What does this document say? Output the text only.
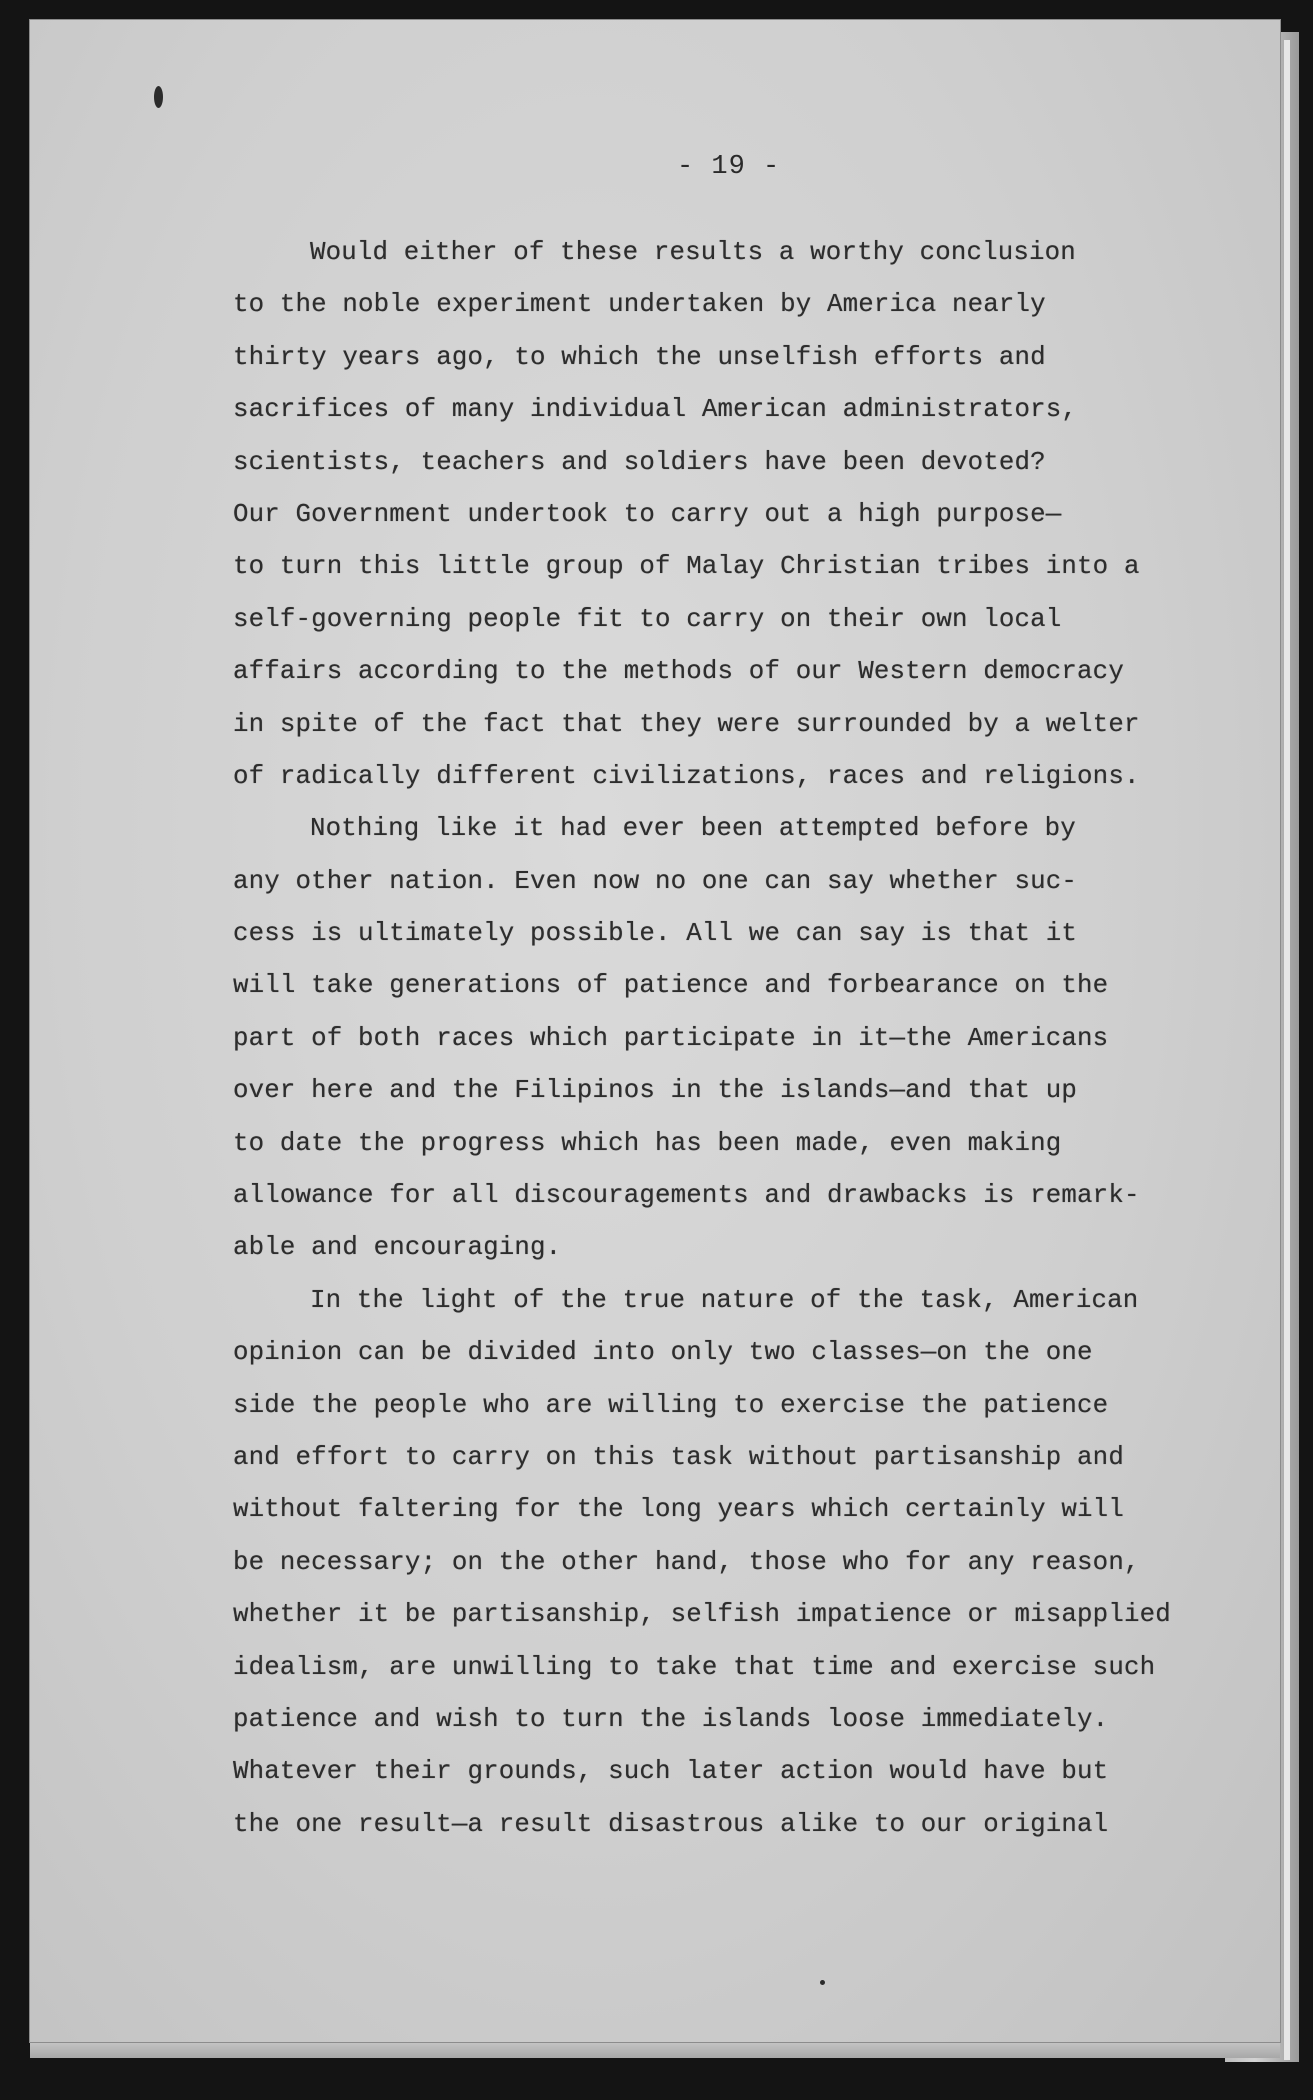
- 19 -
Would either of these results a worthy conclusion
to the noble experiment undertaken by America nearly
thirty years ago, to which the unselfish efforts and
sacrifices of many individual American administrators,
scientists, teachers and soldiers have been devoted?
Our Government undertook to carry out a high purpose—
to turn this little group of Malay Christian tribes into a
self-governing people fit to carry on their own local
affairs according to the methods of our Western democracy
in spite of the fact that they were surrounded by a welter
of radically different civilizations, races and religions.
Nothing like it had ever been attempted before by
any other nation. Even now no one can say whether suc-
cess is ultimately possible. All we can say is that it
will take generations of patience and forbearance on the
part of both races which participate in it—the Americans
over here and the Filipinos in the islands—and that up
to date the progress which has been made, even making
allowance for all discouragements and drawbacks is remark-
able and encouraging.
In the light of the true nature of the task, American
opinion can be divided into only two classes—on the one
side the people who are willing to exercise the patience
and effort to carry on this task without partisanship and
without faltering for the long years which certainly will
be necessary; on the other hand, those who for any reason,
whether it be partisanship, selfish impatience or misapplied
idealism, are unwilling to take that time and exercise such
patience and wish to turn the islands loose immediately.
Whatever their grounds, such later action would have but
the one result—a result disastrous alike to our original
